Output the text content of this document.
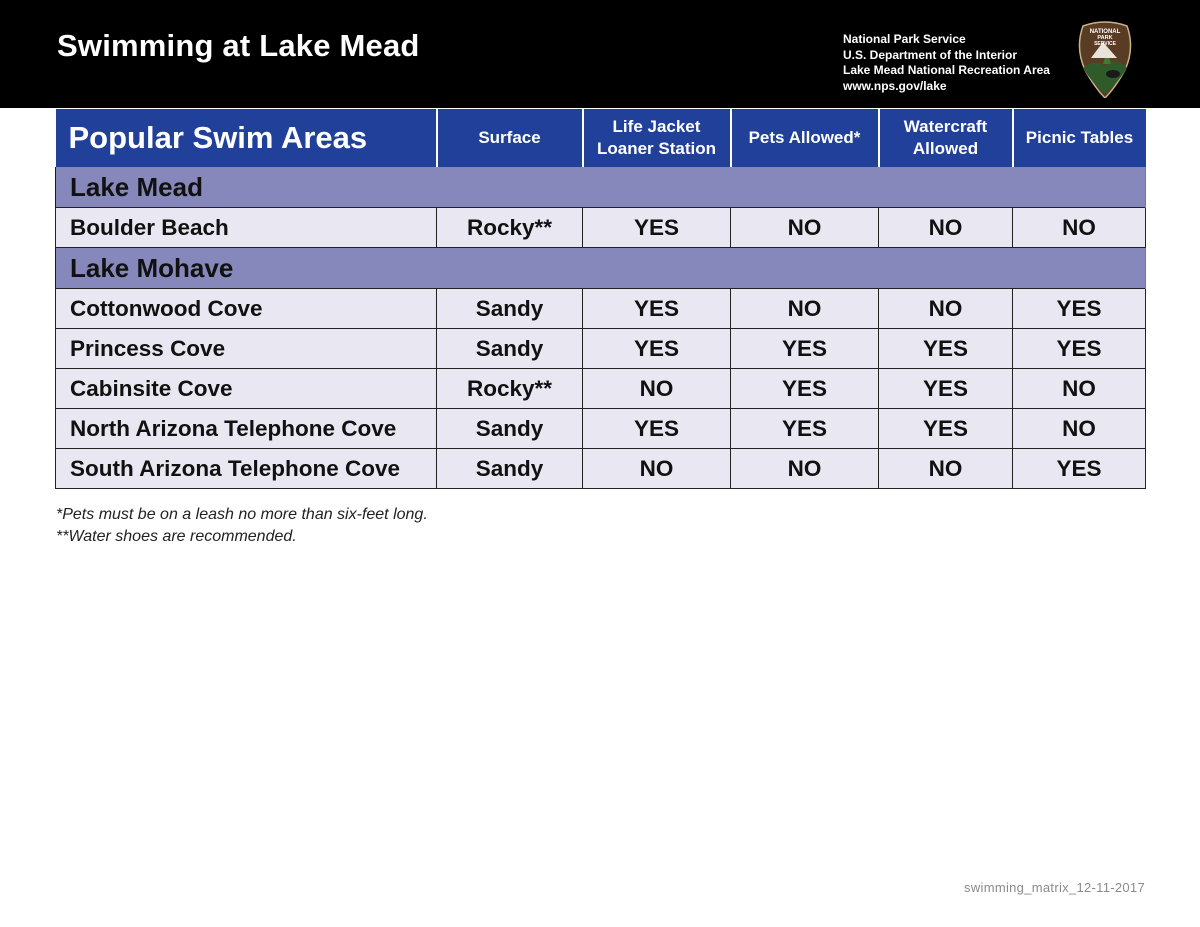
Swimming at Lake Mead	National Park Service
U.S. Department of the Interior
Lake Mead National Recreation Area
www.nps.gov/lake
NATIONAL
PARK
SERVICE
Popular Swim Areas	Surface	Life Jacket Loaner Station	Pets Allowed*	Watercraft Allowed	Picnic Tables
Lake Mead					
Boulder Beach	Rocky**	YES	NO	NO	NO
Lake Mohave					
Cottonwood Cove	Sandy	YES	NO	NO	YES
Princess Cove	Sandy	YES	YES	YES	YES
Cabinsite Cove	Rocky**	NO	YES	YES	NO
North Arizona Telephone Cove	Sandy	YES	YES	YES	NO
South Arizona Telephone Cove	Sandy	NO	NO	NO	YES
*Pets must be on a leash no more than six-feet long.
**Water shoes are recommended.
swimming_matrix_12-11-2017
